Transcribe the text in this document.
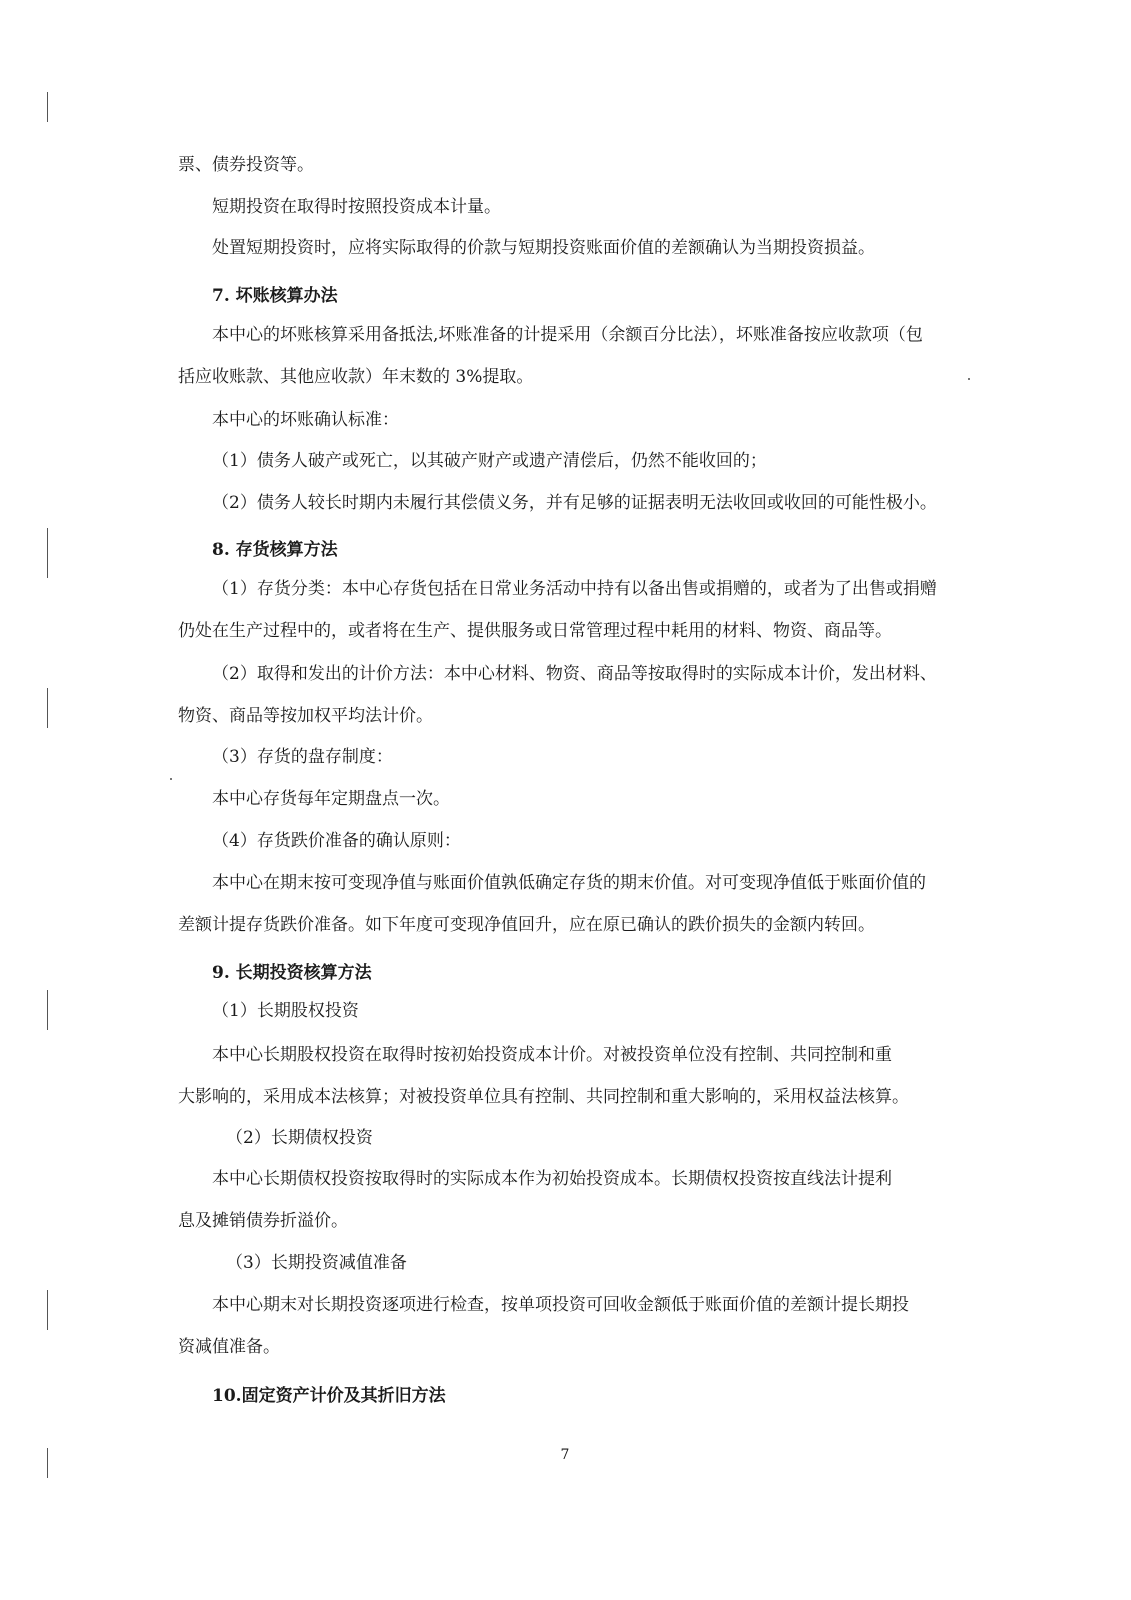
票、债券投资等。
短期投资在取得时按照投资成本计量。
处置短期投资时，应将实际取得的价款与短期投资账面价值的差额确认为当期投资损益。
7. 坏账核算办法
本中心的坏账核算采用备抵法,坏账准备的计提采用（余额百分比法），坏账准备按应收款项（包
括应收账款、其他应收款）年末数的 3%提取。
本中心的坏账确认标准：
（1）债务人破产或死亡，以其破产财产或遗产清偿后，仍然不能收回的；
（2）债务人较长时期内未履行其偿债义务，并有足够的证据表明无法收回或收回的可能性极小。
8. 存货核算方法
（1）存货分类：本中心存货包括在日常业务活动中持有以备出售或捐赠的，或者为了出售或捐赠
仍处在生产过程中的，或者将在生产、提供服务或日常管理过程中耗用的材料、物资、商品等。
（2）取得和发出的计价方法：本中心材料、物资、商品等按取得时的实际成本计价，发出材料、
物资、商品等按加权平均法计价。
（3）存货的盘存制度：
本中心存货每年定期盘点一次。
（4）存货跌价准备的确认原则：
本中心在期末按可变现净值与账面价值孰低确定存货的期末价值。对可变现净值低于账面价值的
差额计提存货跌价准备。如下年度可变现净值回升，应在原已确认的跌价损失的金额内转回。
9. 长期投资核算方法
（1）长期股权投资
本中心长期股权投资在取得时按初始投资成本计价。对被投资单位没有控制、共同控制和重
大影响的，采用成本法核算；对被投资单位具有控制、共同控制和重大影响的，采用权益法核算。
（2）长期债权投资
本中心长期债权投资按取得时的实际成本作为初始投资成本。长期债权投资按直线法计提利
息及摊销债券折溢价。
（3）长期投资减值准备
本中心期末对长期投资逐项进行检查，按单项投资可回收金额低于账面价值的差额计提长期投
资减值准备。
10.固定资产计价及其折旧方法
7
